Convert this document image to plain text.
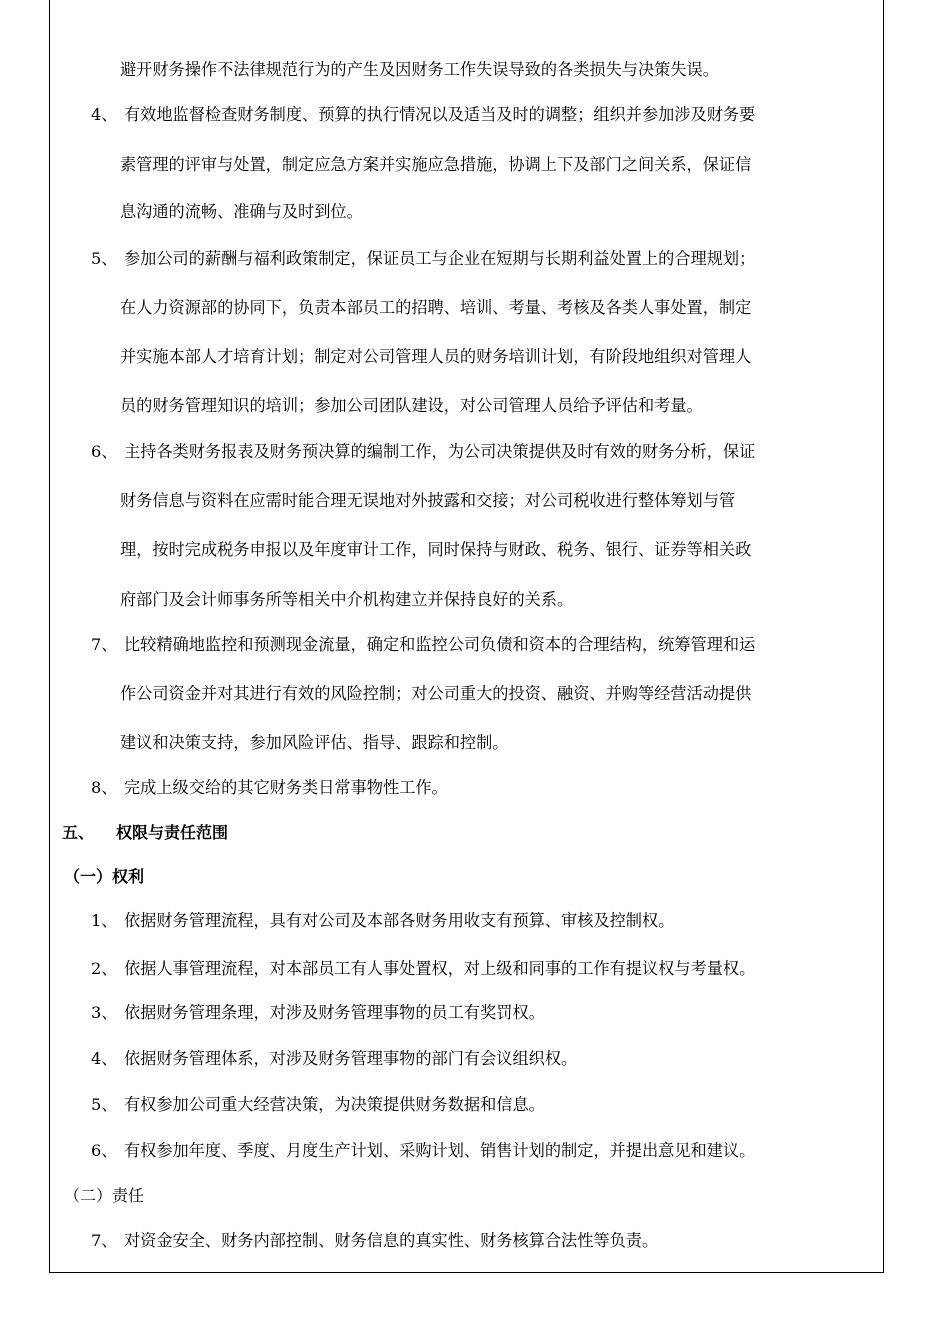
避开财务操作不法律规范行为的产生及因财务工作失误导致的各类损失与决策失误。
4、 有效地监督检查财务制度、预算的执行情况以及适当及时的调整；组织并参加涉及财务要
素管理的评审与处置，制定应急方案并实施应急措施，协调上下及部门之间关系，保证信
息沟通的流畅、准确与及时到位。
5、 参加公司的薪酬与福利政策制定，保证员工与企业在短期与长期利益处置上的合理规划；
在人力资源部的协同下，负责本部员工的招聘、培训、考量、考核及各类人事处置，制定
并实施本部人才培育计划；制定对公司管理人员的财务培训计划，有阶段地组织对管理人
员的财务管理知识的培训；参加公司团队建设，对公司管理人员给予评估和考量。
6、 主持各类财务报表及财务预决算的编制工作，为公司决策提供及时有效的财务分析，保证
财务信息与资料在应需时能合理无误地对外披露和交接；对公司税收进行整体筹划与管
理，按时完成税务申报以及年度审计工作，同时保持与财政、税务、银行、证券等相关政
府部门及会计师事务所等相关中介机构建立并保持良好的关系。
7、 比较精确地监控和预测现金流量，确定和监控公司负债和资本的合理结构，统筹管理和运
作公司资金并对其进行有效的风险控制；对公司重大的投资、融资、并购等经营活动提供
建议和决策支持，参加风险评估、指导、跟踪和控制。
8、 完成上级交给的其它财务类日常事物性工作。
五、 权限与责任范围
（一）权利
1、 依据财务管理流程，具有对公司及本部各财务用收支有预算、审核及控制权。
2、 依据人事管理流程，对本部员工有人事处置权，对上级和同事的工作有提议权与考量权。
3、 依据财务管理条理，对涉及财务管理事物的员工有奖罚权。
4、 依据财务管理体系，对涉及财务管理事物的部门有会议组织权。
5、 有权参加公司重大经营决策，为决策提供财务数据和信息。
6、 有权参加年度、季度、月度生产计划、采购计划、销售计划的制定，并提出意见和建议。
（二）责任
7、 对资金安全、财务内部控制、财务信息的真实性、财务核算合法性等负责。
